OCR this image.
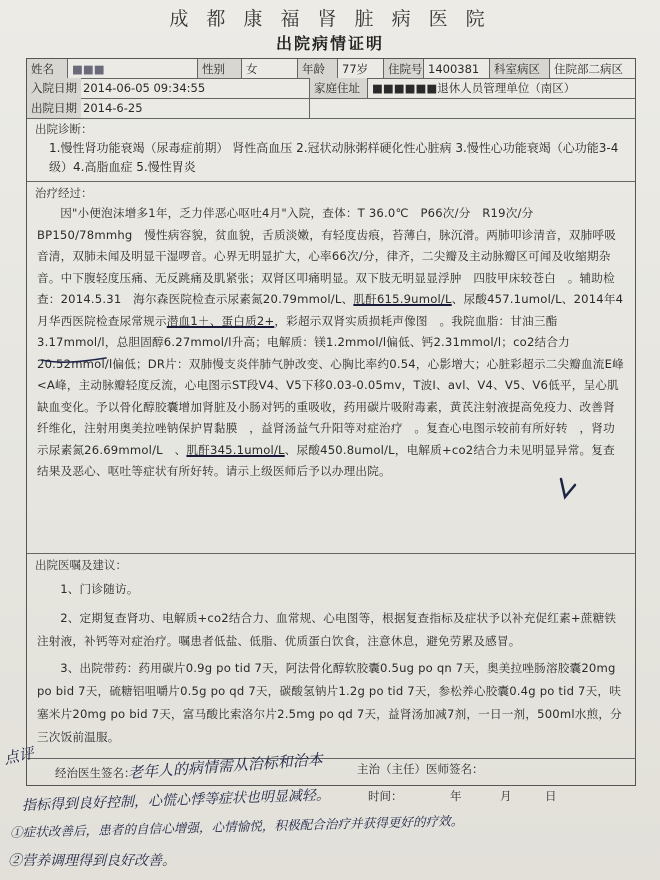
成 都 康 福 肾 脏 病 医 院
出院病情证明
姓名	■■■	性别	女	年龄	77岁	住院号 1400381	科室病区	住院部二病区
入院日期 2014-06-05 09:34:55	家庭住址	■■■■■■退休人员管理单位（南区）
出院日期 2014-6-25
出院诊断：
1.慢性肾功能衰竭（尿毒症前期） 肾性高血压 2.冠状动脉粥样硬化性心脏病 3.慢性心功能衰竭（心功能3-4级）4.高脂血症 5.慢性胃炎
治疗经过：
因"小便泡沫增多1年，乏力伴恶心呕吐4月"入院，查体：T 36.0℃　P66次/分　R19次/分　BP150/78mmhg　慢性病容貌，贫血貌，舌质淡嫩，有轻度齿痕，苔薄白，脉沉滑。两肺叩诊清音，双肺呼吸音清，双肺未闻及明显干湿啰音。心界无明显扩大，心率66次/分，律齐，二尖瓣及主动脉瓣区可闻及收缩期杂音。中下腹轻度压痛、无反跳痛及肌紧张；双肾区叩痛明显。双下肢无明显显浮肿　四肢甲床较苍白　。辅助检查：2014.5.31　海尔森医院检查示尿素氮20.79mmol/L、肌酐615.9umol/L、尿酸457.1umol/L、2014年4月华西医院检查尿常规示潜血1＋、蛋白质2+，彩超示双肾实质损耗声像图　。我院血脂：甘油三酯3.17mmol/l，总胆固醇6.27mmol/l升高；电解质：镁1.2mmol/l偏低、钙2.31mmol/l；co2结合力20.52mmol/l偏低；DR片：双肺慢支炎伴肺气肿改变、心胸比率约0.54，心影增大；心脏彩超示二尖瓣血流E峰<A峰，主动脉瓣轻度反流，心电图示ST段V4、V5下移0.03-0.05mv，T波Ⅰ、avl、V4、V5、V6低平，呈心肌缺血变化。予以骨化醇胶囊增加肾脏及小肠对钙的重吸收，药用碳片吸附毒素，黄芪注射液提高免疫力、改善肾纤维化，注射用奥美拉唑钠保护胃黏膜　，益肾汤益气升阳等对症治疗　。复查心电图示较前有所好转　，肾功示尿素氮26.69mmol/L　、肌酐345.1umol/L、尿酸450.8umol/L，电解质+co2结合力未见明显异常。复查结果及恶心、呕吐等症状有所好转。请示上级医师后予以办理出院。
出院医嘱及建议：
1、门诊随访。
2、定期复查肾功、电解质+co2结合力、血常规、心电图等，根据复查指标及症状予以补充促红素+蔗糖铁注射液，补钙等对症治疗。嘱患者低盐、低脂、优质蛋白饮食，注意休息，避免劳累及感冒。
3、出院带药：药用碳片0.9g po tid 7天，阿法骨化醇软胶囊0.5ug po qn 7天，奥美拉唑肠溶胶囊20mg po bid 7天，硫糖铝咀嚼片0.5g po qd 7天，碳酸氢钠片1.2g po tid 7天，参松养心胶囊0.4g po tid 7天，呋塞米片20mg po bid 7天，富马酸比索洛尔片2.5mg po qd 7天，益肾汤加减7剂，一日一剂，500ml水煎，分三次饭前温服。
经治医生签名：	主治（主任）医师签名：
时间：	年	月	日
点评	老年人的病情需从治标和治本
指标得到良好控制，心慌心悸等症状也明显减轻。
①症状改善后，患者的自信心增强，心情愉悦，积极配合治疗并获得更好的疗效。
②营养调理得到良好改善。
